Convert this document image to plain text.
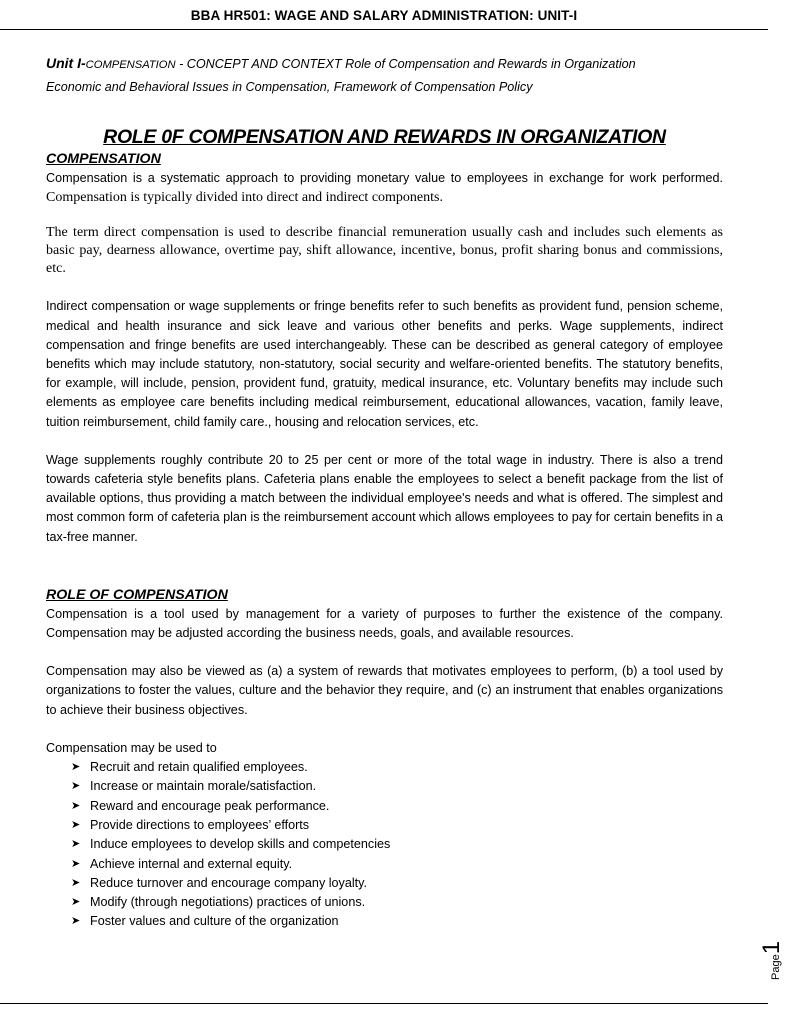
BBA HR501: WAGE AND SALARY ADMINISTRATION: UNIT-I

Unit I-COMPENSATION - CONCEPT AND CONTEXT Role of Compensation and Rewards in Organization

Economic and Behavioral Issues in Compensation, Framework of Compensation Policy

ROLE 0F COMPENSATION AND REWARDS IN ORGANIZATION
COMPENSATION

Compensation is a systematic approach to providing monetary value to employees in exchange for work performed. Compensation is typically divided into direct and indirect components.

The term direct compensation is used to describe financial remuneration usually cash and includes such elements as basic pay, dearness allowance, overtime pay, shift allowance, incentive, bonus, profit sharing bonus and commissions, etc.

Indirect compensation or wage supplements or fringe benefits refer to such benefits as provident fund, pension scheme, medical and health insurance and sick leave and various other benefits and perks. Wage supplements, indirect compensation and fringe benefits are used interchangeably. These can be described as general category of employee benefits which may include statutory, non-statutory, social security and welfare-oriented benefits. The statutory benefits, for example, will include, pension, provident fund, gratuity, medical insurance, etc. Voluntary benefits may include such elements as employee care benefits including medical reimbursement, educational allowances, vacation, family leave, tuition reimbursement, child family care., housing and relocation services, etc.

Wage supplements roughly contribute 20 to 25 per cent or more of the total wage in industry. There is also a trend towards cafeteria style benefits plans. Cafeteria plans enable the employees to select a benefit package from the list of available options, thus providing a match between the individual employee's needs and what is offered. The simplest and most common form of cafeteria plan is the reimbursement account which allows employees to pay for certain benefits in a tax-free manner.

ROLE OF COMPENSATION

Compensation is a tool used by management for a variety of purposes to further the existence of the company. Compensation may be adjusted according the business needs, goals, and available resources.

Compensation may also be viewed as (a) a system of rewards that motivates employees to perform, (b) a tool used by organizations to foster the values, culture and the behavior they require, and (c) an instrument that enables organizations to achieve their business objectives.

Compensation may be used to

➤ Recruit and retain qualified employees.
➤ Increase or maintain morale/satisfaction.
➤ Reward and encourage peak performance.
➤ Provide directions to employees’ efforts
➤ Induce employees to develop skills and competencies
➤ Achieve internal and external equity.
➤ Reduce turnover and encourage company loyalty.
➤ Modify (through negotiations) practices of unions.
➤ Foster values and culture of the organization
Page1
